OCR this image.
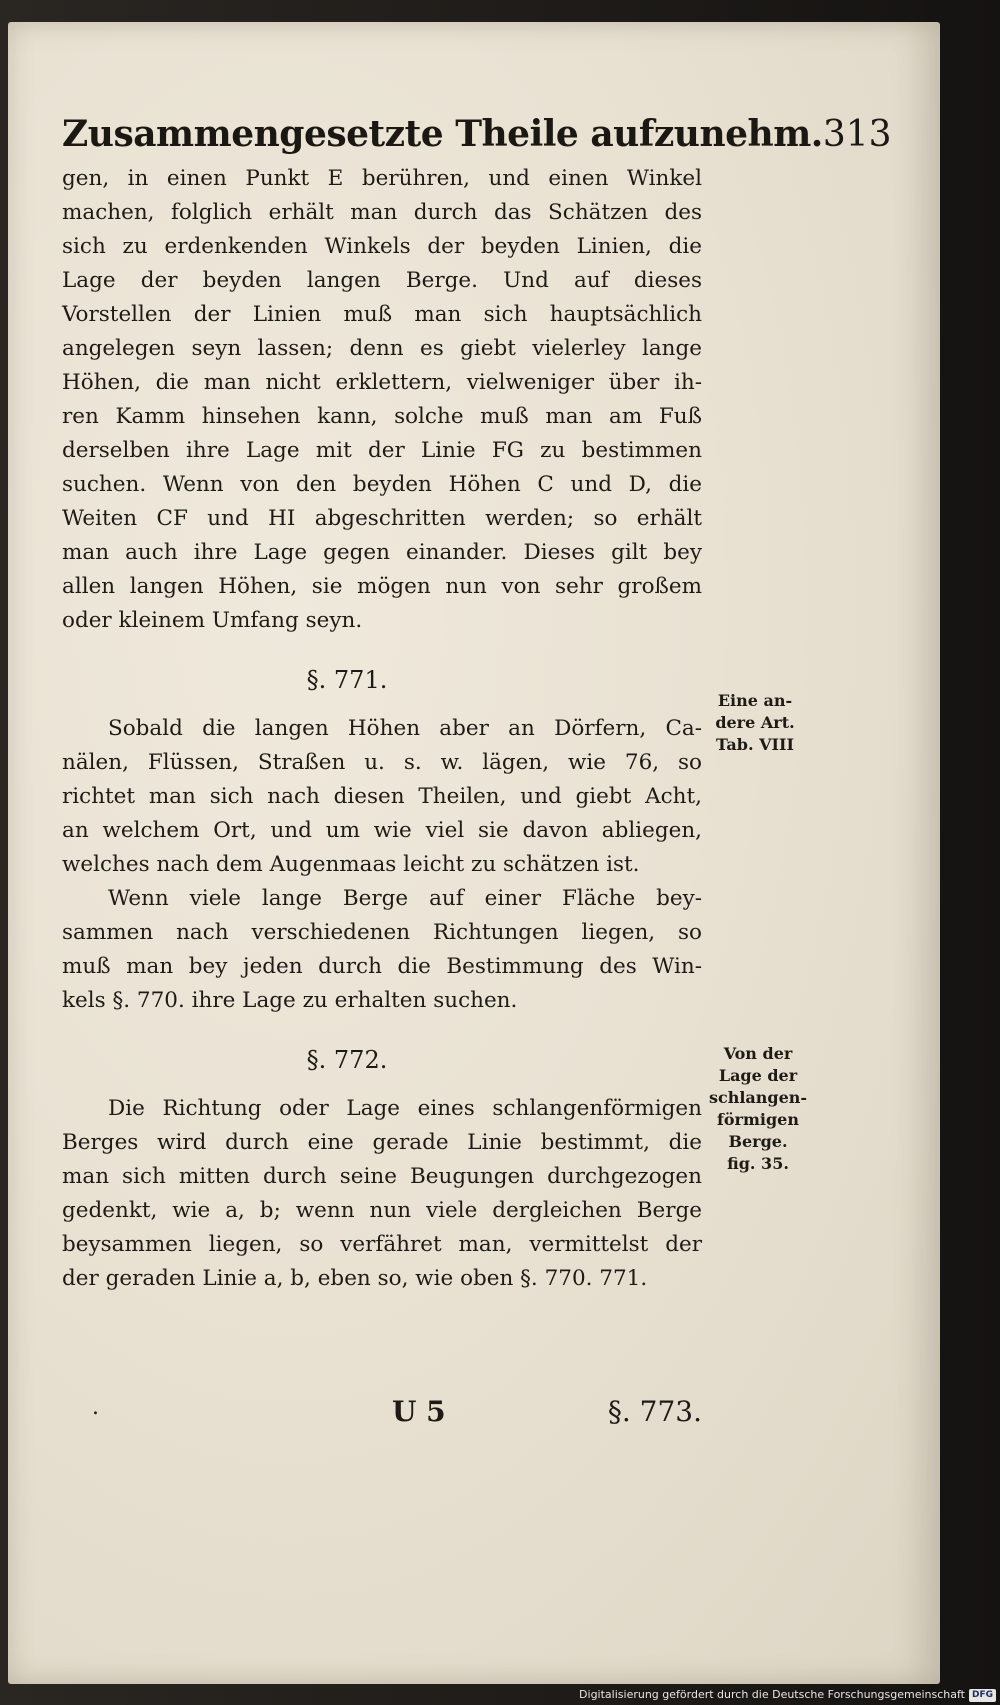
Zusammengesetzte Theile aufzunehm. 313
gen, in einen Punkt E berühren, und einen Winkel
machen, folglich erhält man durch das Schätzen des
sich zu erdenkenden Winkels der beyden Linien, die
Lage der beyden langen Berge. Und auf dieses
Vorstellen der Linien muß man sich hauptsächlich
angelegen seyn lassen; denn es giebt vielerley lange
Höhen, die man nicht erklettern, vielweniger über ih-
ren Kamm hinsehen kann, solche muß man am Fuß
derselben ihre Lage mit der Linie FG zu bestimmen
suchen. Wenn von den beyden Höhen C und D, die
Weiten CF und HI abgeschritten werden; so erhält
man auch ihre Lage gegen einander. Dieses gilt bey
allen langen Höhen, sie mögen nun von sehr großem
oder kleinem Umfang seyn.
§. 771.
Sobald die langen Höhen aber an Dörfern, Ca-
nälen, Flüssen, Straßen u. s. w. lägen, wie 76, so
richtet man sich nach diesen Theilen, und giebt Acht,
an welchem Ort, und um wie viel sie davon abliegen,
welches nach dem Augenmaas leicht zu schätzen ist.
Wenn viele lange Berge auf einer Fläche bey-
sammen nach verschiedenen Richtungen liegen, so
muß man bey jeden durch die Bestimmung des Win-
kels §. 770. ihre Lage zu erhalten suchen.
§. 772.
Die Richtung oder Lage eines schlangenförmigen
Berges wird durch eine gerade Linie bestimmt, die
man sich mitten durch seine Beugungen durchgezogen
gedenkt, wie a, b; wenn nun viele dergleichen Berge
beysammen liegen, so verfähret man, vermittelst der
der geraden Linie a, b, eben so, wie oben §. 770. 771.
Eine an-
dere Art.
Tab. VIII
Von der
Lage der
schlangen-
förmigen
Berge.
fig. 35.
.	U 5	§. 773.
Digitalisierung gefördert durch die Deutsche Forschungsgemeinschaft DFG
